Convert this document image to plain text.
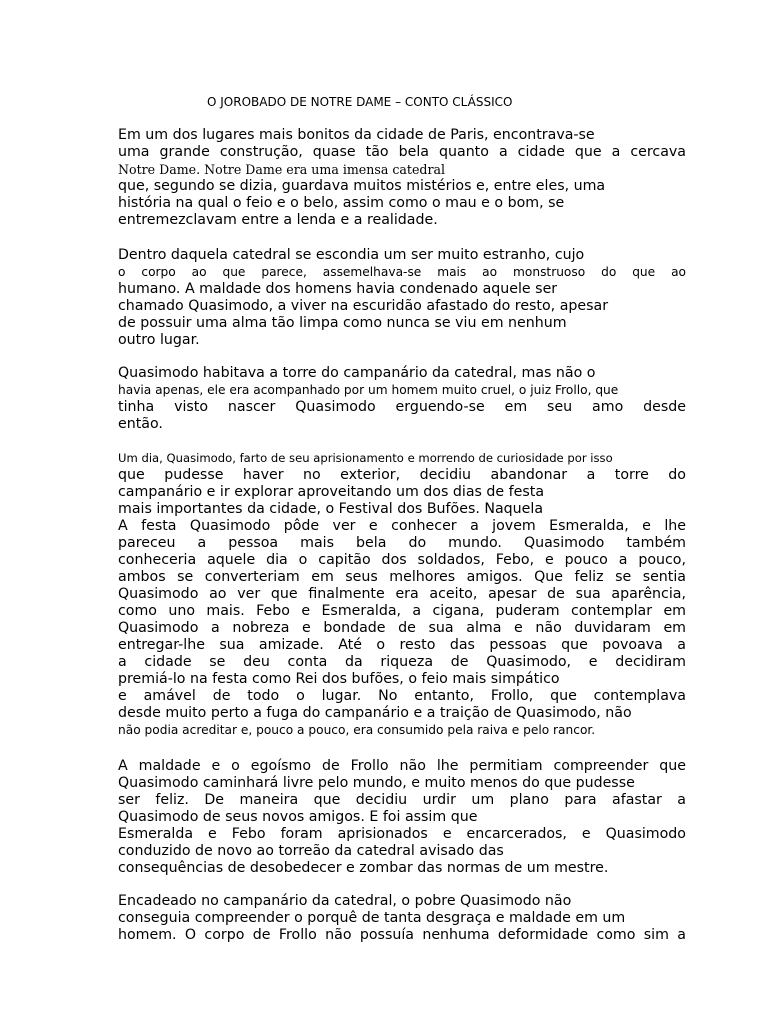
O JOROBADO DE NOTRE DAME – CONTO CLÁSSICO
Em um dos lugares mais bonitos da cidade de Paris, encontrava-se
uma grande construção, quase tão bela quanto a cidade que a cercava
Notre Dame. Notre Dame era uma imensa catedral
que, segundo se dizia, guardava muitos mistérios e, entre eles, uma
história na qual o feio e o belo, assim como o mau e o bom, se
entremezclavam entre a lenda e a realidade.
Dentro daquela catedral se escondia um ser muito estranho, cujo
o corpo ao que parece, assemelhava-se mais ao monstruoso do que ao
humano. A maldade dos homens havia condenado aquele ser
chamado Quasimodo, a viver na escuridão afastado do resto, apesar
de possuir uma alma tão limpa como nunca se viu em nenhum
outro lugar.
Quasimodo habitava a torre do campanário da catedral, mas não o
havia apenas, ele era acompanhado por um homem muito cruel, o juiz Frollo, que
tinha visto nascer Quasimodo erguendo-se em seu amo desde
então.
Um dia, Quasimodo, farto de seu aprisionamento e morrendo de curiosidade por isso
que pudesse haver no exterior, decidiu abandonar a torre do
campanário e ir explorar aproveitando um dos dias de festa
mais importantes da cidade, o Festival dos Bufões. Naquela
A festa Quasimodo pôde ver e conhecer a jovem Esmeralda, e lhe
pareceu a pessoa mais bela do mundo. Quasimodo também
conheceria aquele dia o capitão dos soldados, Febo, e pouco a pouco,
ambos se converteriam em seus melhores amigos. Que feliz se sentia
Quasimodo ao ver que finalmente era aceito, apesar de sua aparência,
como uno mais. Febo e Esmeralda, a cigana, puderam contemplar em
Quasimodo a nobreza e bondade de sua alma e não duvidaram em
entregar-lhe sua amizade. Até o resto das pessoas que povoava a
a cidade se deu conta da riqueza de Quasimodo, e decidiram
premiá-lo na festa como Rei dos bufões, o feio mais simpático
e amável de todo o lugar. No entanto, Frollo, que contemplava
desde muito perto a fuga do campanário e a traição de Quasimodo, não
não podia acreditar e, pouco a pouco, era consumido pela raiva e pelo rancor.
A maldade e o egoísmo de Frollo não lhe permitiam compreender que
Quasimodo caminhará livre pelo mundo, e muito menos do que pudesse
ser feliz. De maneira que decidiu urdir um plano para afastar a
Quasimodo de seus novos amigos. E foi assim que
Esmeralda e Febo foram aprisionados e encarcerados, e Quasimodo
conduzido de novo ao torreão da catedral avisado das
consequências de desobedecer e zombar das normas de um mestre.
Encadeado no campanário da catedral, o pobre Quasimodo não
conseguia compreender o porquê de tanta desgraça e maldade em um
homem. O corpo de Frollo não possuía nenhuma deformidade como sim a
